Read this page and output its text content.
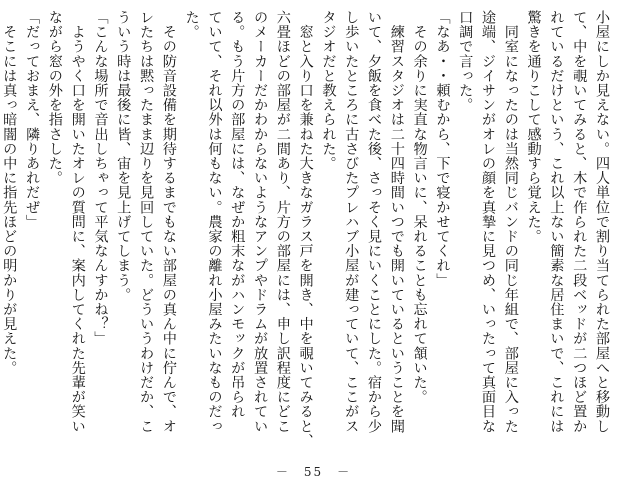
小屋にしか見えない。四人単位で割り当てられた部屋へと移動し
て、中を覗いてみると、木で作られた二段ベッドが二つほど置か
れているだけという、これ以上ない簡素な居住まいで、これには
驚きを通りこして感動すら覚えた。
　同室になったのは当然同じバンドの同じ年組で、部屋に入った
途端、ジイサンがオレの顔を真摯に見つめ、いったって真面目な
口調で言った。
「なあ・・頼むから、下で寝かせてくれ」
　その余りに実直な物言いに、呆れることも忘れて頷いた。
　練習スタジオは二十四時間いつでも開いているということを聞
いて、夕飯を食べた後、さっそく見にいくことにした。宿から少
し歩いたところに古さびたプレハブ小屋が建っていて、ここがス
タジオだと教えられた。
　窓と入り口を兼ねた大きなガラス戸を開き、中を覗いてみると、
六畳ほどの部屋が二間あり、片方の部屋には、申し訳程度にどこ
のメーカーだかわからないようなアンプやドラムが放置されてい
る。もう片方の部屋には、なぜか粗末ながハンモックが吊られ
ていて、それ以外は何もない。農家の離れ小屋みたいなものだっ
た。
　その防音設備を期待するまでもない部屋の真ん中に佇んで、オ
レたちは黙ったまま辺りを見回していた。どういうわけだか、こ
ういう時は最後に皆、宙を見上げてしまう。
「こんな場所で音出しちゃって平気なんすかね？」
　ようやく口を開いたオレの質問に、案内してくれた先輩が笑い
ながら窓の外を指さした。
「だっておまえ、隣りあれだぜ」
　そこには真っ暗闇の中に指先ほどの明かりが見えた。

－　55　－
